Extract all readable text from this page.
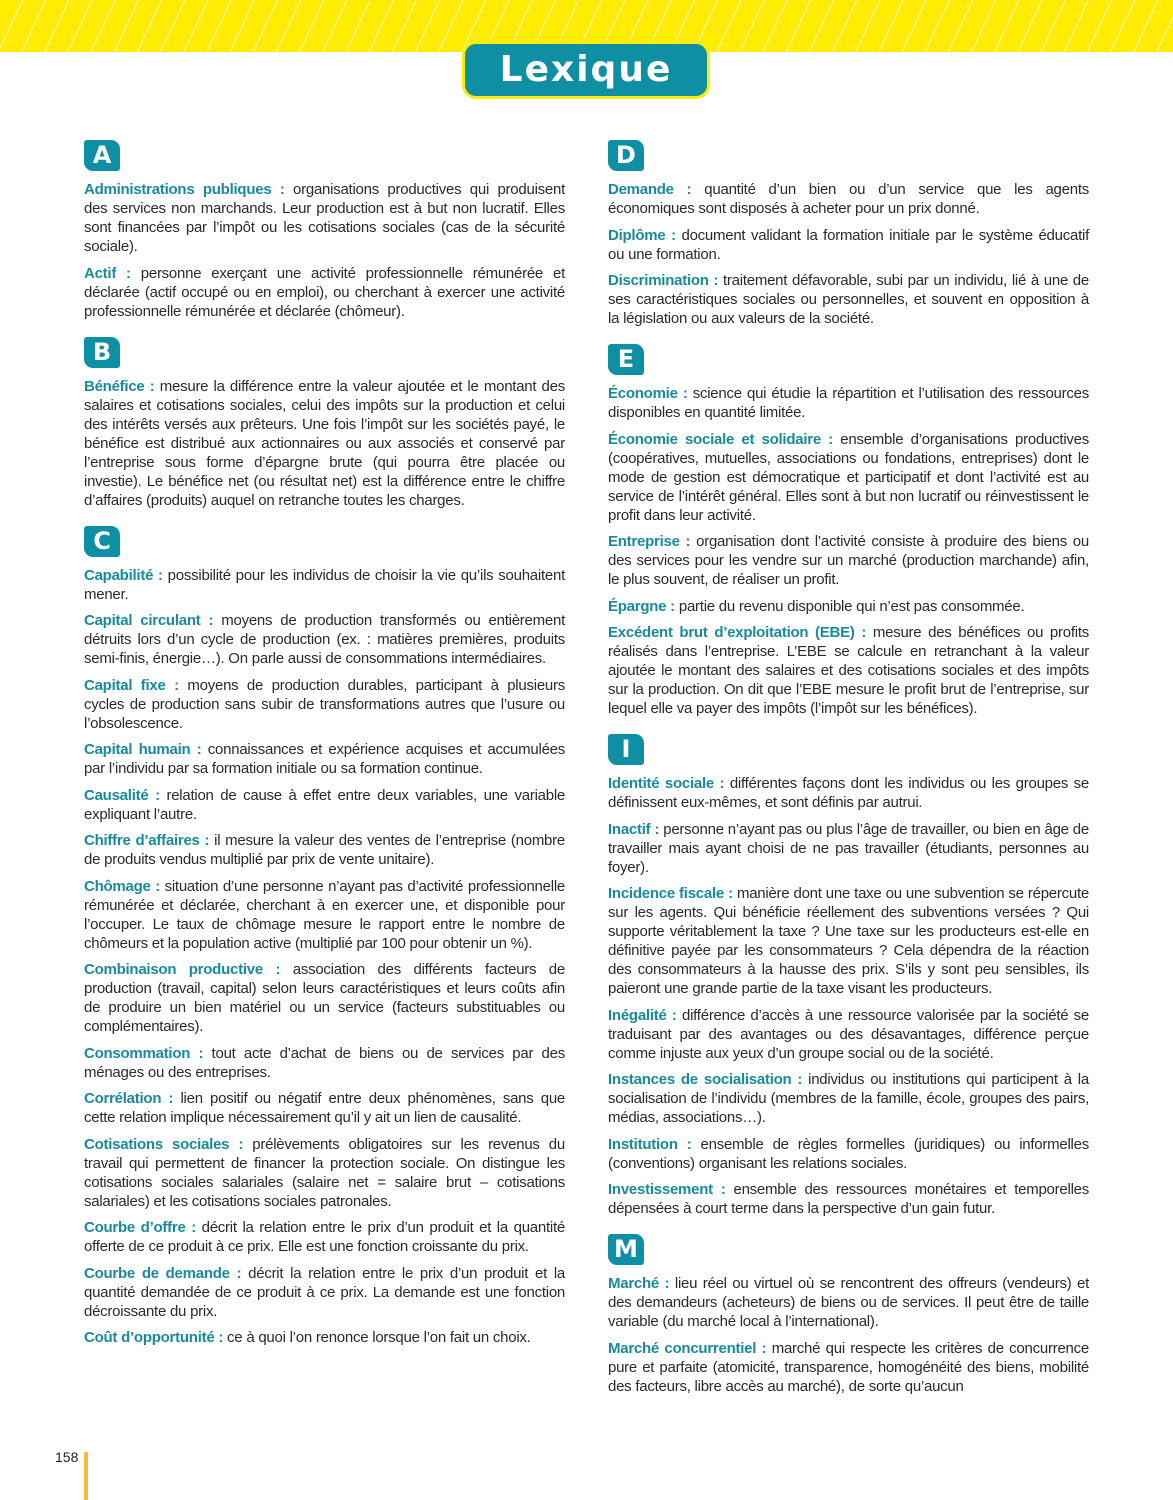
Lexique
A

Administrations publiques : organisations productives qui produisent des services non marchands. Leur production est à but non lucratif. Elles sont financées par l’impôt ou les cotisations sociales (cas de la sécurité sociale).

Actif : personne exerçant une activité professionnelle rémunérée et déclarée (actif occupé ou en emploi), ou cherchant à exercer une activité professionnelle rémunérée et déclarée (chômeur).

B

Bénéfice : mesure la différence entre la valeur ajoutée et le montant des salaires et cotisations sociales, celui des impôts sur la production et celui des intérêts versés aux prêteurs. Une fois l’impôt sur les sociétés payé, le bénéfice est distribué aux actionnaires ou aux associés et conservé par l’entreprise sous forme d’épargne brute (qui pourra être placée ou investie). Le bénéfice net (ou résultat net) est la différence entre le chiffre d’affaires (produits) auquel on retranche toutes les charges.

C

Capabilité : possibilité pour les individus de choisir la vie qu’ils souhaitent mener.

Capital circulant : moyens de production transformés ou entièrement détruits lors d’un cycle de production (ex. : matières premières, produits semi-finis, énergie…). On parle aussi de consommations intermédiaires.

Capital fixe : moyens de production durables, participant à plusieurs cycles de production sans subir de transformations autres que l’usure ou l’obsolescence.

Capital humain : connaissances et expérience acquises et accumulées par l’individu par sa formation initiale ou sa formation continue.

Causalité : relation de cause à effet entre deux variables, une variable expliquant l’autre.

Chiffre d’affaires : il mesure la valeur des ventes de l’entreprise (nombre de produits vendus multiplié par prix de vente unitaire).

Chômage : situation d’une personne n’ayant pas d’activité professionnelle rémunérée et déclarée, cherchant à en exercer une, et disponible pour l’occuper. Le taux de chômage mesure le rapport entre le nombre de chômeurs et la population active (multiplié par 100 pour obtenir un %).

Combinaison productive : association des différents facteurs de production (travail, capital) selon leurs caractéristiques et leurs coûts afin de produire un bien matériel ou un service (facteurs substituables ou complémentaires).

Consommation : tout acte d’achat de biens ou de services par des ménages ou des entreprises.

Corrélation : lien positif ou négatif entre deux phénomènes, sans que cette relation implique nécessairement qu’il y ait un lien de causalité.

Cotisations sociales : prélèvements obligatoires sur les revenus du travail qui permettent de financer la protection sociale. On distingue les cotisations sociales salariales (salaire net = salaire brut – cotisations salariales) et les cotisations sociales patronales.

Courbe d’offre : décrit la relation entre le prix d’un produit et la quantité offerte de ce produit à ce prix. Elle est une fonction croissante du prix.

Courbe de demande : décrit la relation entre le prix d’un produit et la quantité demandée de ce produit à ce prix. La demande est une fonction décroissante du prix.

Coût d’opportunité : ce à quoi l’on renonce lorsque l’on fait un choix.

D

Demande : quantité d’un bien ou d’un service que les agents économiques sont disposés à acheter pour un prix donné.

Diplôme : document validant la formation initiale par le système éducatif ou une formation.

Discrimination : traitement défavorable, subi par un individu, lié à une de ses caractéristiques sociales ou personnelles, et souvent en opposition à la législation ou aux valeurs de la société.

E

Économie : science qui étudie la répartition et l’utilisation des ressources disponibles en quantité limitée.

Économie sociale et solidaire : ensemble d’organisations productives (coopératives, mutuelles, associations ou fondations, entreprises) dont le mode de gestion est démocratique et participatif et dont l’activité est au service de l’intérêt général. Elles sont à but non lucratif ou réinvestissent le profit dans leur activité.

Entreprise : organisation dont l’activité consiste à produire des biens ou des services pour les vendre sur un marché (production marchande) afin, le plus souvent, de réaliser un profit.

Épargne : partie du revenu disponible qui n’est pas consommée.

Excédent brut d’exploitation (EBE) : mesure des bénéfices ou profits réalisés dans l’entreprise. L’EBE se calcule en retranchant à la valeur ajoutée le montant des salaires et des cotisations sociales et des impôts sur la production. On dit que l’EBE mesure le profit brut de l’entreprise, sur lequel elle va payer des impôts (l’impôt sur les bénéfices).

I

Identité sociale : différentes façons dont les individus ou les groupes se définissent eux-mêmes, et sont définis par autrui.

Inactif : personne n’ayant pas ou plus l’âge de travailler, ou bien en âge de travailler mais ayant choisi de ne pas travailler (étudiants, personnes au foyer).

Incidence fiscale : manière dont une taxe ou une subvention se répercute sur les agents. Qui bénéficie réellement des subventions versées ? Qui supporte véritablement la taxe ? Une taxe sur les producteurs est-elle en définitive payée par les consommateurs ? Cela dépendra de la réaction des consommateurs à la hausse des prix. S’ils y sont peu sensibles, ils paieront une grande partie de la taxe visant les producteurs.

Inégalité : différence d’accès à une ressource valorisée par la société se traduisant par des avantages ou des désavantages, différence perçue comme injuste aux yeux d’un groupe social ou de la société.

Instances de socialisation : individus ou institutions qui participent à la socialisation de l’individu (membres de la famille, école, groupes des pairs, médias, associations…).

Institution : ensemble de règles formelles (juridiques) ou informelles (conventions) organisant les relations sociales.

Investissement : ensemble des ressources monétaires et temporelles dépensées à court terme dans la perspective d’un gain futur.

M

Marché : lieu réel ou virtuel où se rencontrent des offreurs (vendeurs) et des demandeurs (acheteurs) de biens ou de services. Il peut être de taille variable (du marché local à l’international).

Marché concurrentiel : marché qui respecte les critères de concurrence pure et parfaite (atomicité, transparence, homogénéité des biens, mobilité des facteurs, libre accès au marché), de sorte qu’aucun

158
